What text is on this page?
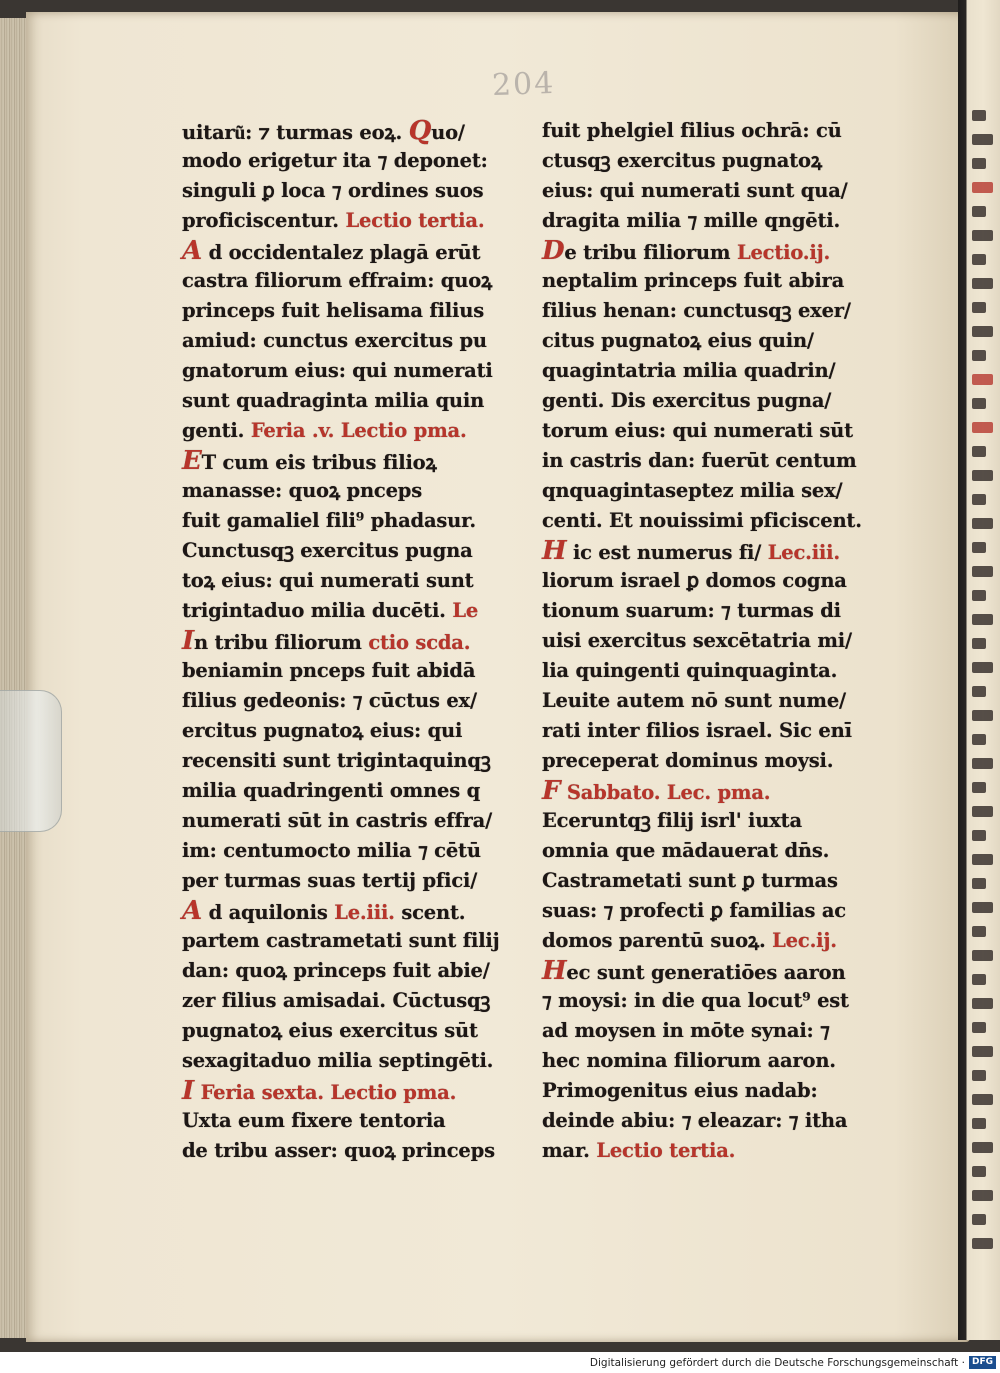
204
uitaru͂: ⁊ turmas eoꝝ. Quo/
modo erigetur ita ⁊ deponet:
singuli ꝑ loca ⁊ ordines suos
proficiscentur. Lectio tertia.
A d occidentalez plagā erūt
castra filiorum effraim: quoꝝ
princeps fuit helisama filius
amiud: cunctus exercitus pu
gnatorum eius: qui numerati
sunt quadraginta milia quin
genti. Feria .v. Lectio pma.
ET cum eis tribus filioꝝ
manasse: quoꝝ pnceps
fuit gamaliel fili⁹ phadasur.
Cunctusqꝫ exercitus pugna
toꝝ eius: qui numerati sunt
trigintaduo milia ducēti. Le
In tribu filiorum ctio scda.
beniamin pnceps fuit abidā
filius gedeonis: ⁊ cūctus ex/
ercitus pugnatoꝝ eius: qui
recensiti sunt trigintaquinqꝫ
milia quadringenti omnes q
numerati sūt in castris effra/
im: centumocto milia ⁊ cētū
per turmas suas tertij pfici/
A d aquilonis Le.iii. scent.
partem castrametati sunt filij
dan: quoꝝ princeps fuit abie/
zer filius amisadai. Cūctusqꝫ
pugnatoꝝ eius exercitus sūt
sexagitaduo milia septingēti.
I Feria sexta. Lectio pma.
Uxta eum fixere tentoria
de tribu asser: quoꝝ princeps
fuit phelgiel filius ochrā: cū
ctusqꝫ exercitus pugnatoꝝ
eius: qui numerati sunt qua/
dragita milia ⁊ mille qngēti.
De tribu filiorum Lectio.ij.
neptalim princeps fuit abira
filius henan: cunctusqꝫ exer/
citus pugnatoꝝ eius quin/
quagintatria milia quadrin/
genti. Dis exercitus pugna/
torum eius: qui numerati sūt
in castris dan: fuerūt centum
qnquagintaseptez milia sex/
centi. Et nouissimi pficiscent.
H ic est numerus fi/ Lec.iii.
liorum israel ꝑ domos cogna
tionum suarum: ⁊ turmas di
uisi exercitus sexcētatria mi/
lia quingenti quinquaginta.
Leuite autem nō sunt nume/
rati inter filios israel. Sic enī
preceperat dominus moysi.
F Sabbato. Lec. pma.
Eceruntqꝫ filij isrl' iuxta
omnia que mādauerat dn̄s.
Castrametati sunt ꝑ turmas
suas: ⁊ profecti ꝑ familias ac
domos parentū suoꝝ. Lec.ij.
Hec sunt generatiōes aaron
⁊ moysi: in die qua locut⁹ est
ad moysen in mōte synai: ⁊
hec nomina filiorum aaron.
Primogenitus eius nadab:
deinde abiu: ⁊ eleazar: ⁊ itha
mar. Lectio tertia.
Digitalisierung gefördert durch die Deutsche Forschungsgemeinschaft · DFG
